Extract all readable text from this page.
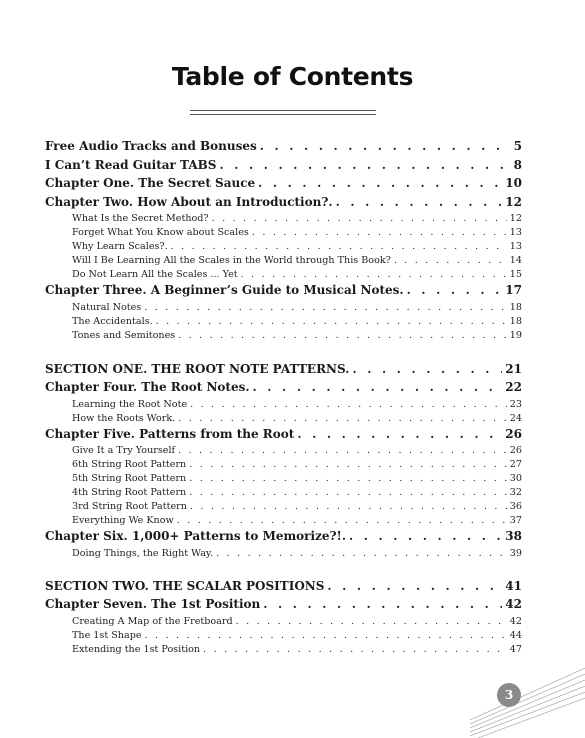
Table of Contents
Free Audio Tracks and Bonuses . . .	5
I Can’t Read Guitar TABS . . .	8
Chapter One. The Secret Sauce . . .	10
Chapter Two. How About an Introduction?. . . .	12
What Is the Secret Method? . . .	12
Forget What You Know about Scales . . .	13
Why Learn Scales?. . . .	13
Will I Be Learning All the Scales in the World through This Book? . . .	14
Do Not Learn All the Scales ... Yet . . .	15
Chapter Three. A Beginner’s Guide to Musical Notes. . . .	17
Natural Notes . . .	18
The Accidentals. . . .	18
Tones and Semitones . . .	19
SECTION ONE. THE ROOT NOTE PATTERNS. . . .	21
Chapter Four. The Root Notes. . . .	22
Learning the Root Note . . .	23
How the Roots Work. . . .	24
Chapter Five. Patterns from the Root . . .	26
Give It a Try Yourself . . .	26
6th String Root Pattern . . .	27
5th String Root Pattern . . .	30
4th String Root Pattern . . .	32
3rd String Root Pattern . . .	36
Everything We Know . . .	37
Chapter Six. 1,000+ Patterns to Memorize?!. . . .	38
Doing Things, the Right Way. . . .	39
SECTION TWO. THE SCALAR POSITIONS . . .	41
Chapter Seven. The 1st Position . . .	42
Creating A Map of the Fretboard . . .	42
The 1st Shape . . .	44
Extending the 1st Position . . .	47
3
